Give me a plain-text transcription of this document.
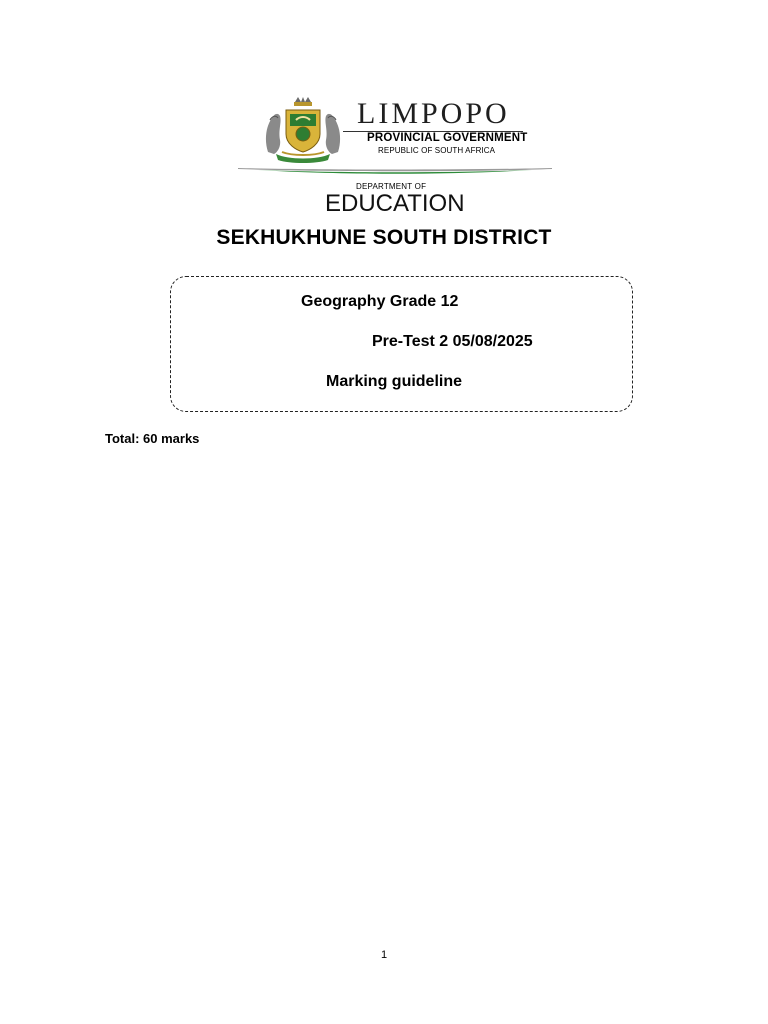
LIMPOPO
PROVINCIAL GOVERNMENT
REPUBLIC OF SOUTH AFRICA
DEPARTMENT OF
EDUCATION
SEKHUKHUNE SOUTH DISTRICT
Geography Grade 12
Pre-Test 2 05/08/2025
Marking guideline
Total: 60 marks
1
